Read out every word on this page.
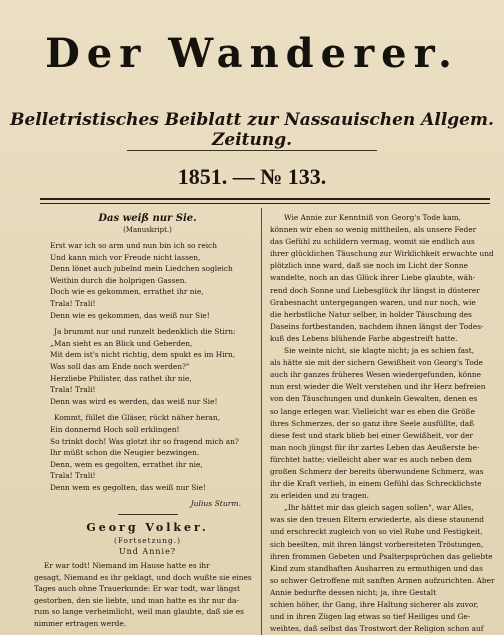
Der Wanderer.
Belletristisches Beiblatt zur Nassauischen Allgem. Zeitung.
1851. — № 133.
Das weiß nur Sie.
(Manuskript.)
Erst war ich so arm und nun bin ich so reich
Und kann mich vor Freude nicht lassen,
Denn lönet auch jubelnd mein Liedchen sogleich
Weithin durch die holprigen Gassen.
Doch wie es gekommen, errathet ihr nie,
Trala! Trali!
Denn wie es gekommen, das weiß nur Sie!
Ja brummt nur und runzelt bedenklich die Stirn:
„Man sieht es an Blick und Geberden,
Mit dem ist's nicht richtig, dem spukt es im Hirn,
Was soll das am Ende noch werden?"
Herzliebe Philister, das rathet ihr nie,
Trala! Trali!
Denn was wird es werden, das weiß nur Sie!
Kommt, füllet die Gläser, rückt näher heran,
Ein donnernd Hoch soll erklingen!
So trinkt doch! Was glotzt ihr so fragend mich an?
Ihr müßt schon die Neugier bezwingen.
Denn, wem es gegolten, errathet ihr nie,
Trala! Trali!
Denn wem es gegolten, das weiß nur Sie!
Julius Sturm.
Georg Volker.
(Fortsetzung.)
Und Annie?
Er war todt! Niemand im Hause hatte es ihr
gesagt, Niemand es ihr geklagt, und doch wußte sie eines
Tages auch ohne Trauerkunde: Er war todt, war längst
gestorben, den sie liebte, und man hatte es ihr nur da-
rum so lange verheimlicht, weil man glaubte, daß sie es
nimmer ertragen werde.
Wie Annie zur Kenntniß von Georg's Tode kam,
können wir eben so wenig mittheilen, als unsere Feder
das Gefühl zu schildern vermag, womit sie endlich aus
ihrer glücklichen Täuschung zur Wirklichkeit erwachte und
plötzlich inne ward, daß sie noch im Licht der Sonne
wandelte, noch an das Glück ihrer Liebe glaubte, wäh-
rend doch Sonne und Liebesglück ihr längst in düsterer
Grabesnacht untergegangen waren, und nur noch, wie
die herbstliche Natur selber, in holder Täuschung des
Daseins fortbestanden, nachdem ihnen längst der Todes-
kuß des Lebens blühende Farbe abgestreift hatte.
Sie weinte nicht, sie klagte nicht; ja es schien fast,
als hätte sie mit der sichern Gewißheit von Georg's Tode
auch ihr ganzes früheres Wesen wiedergefunden, könne
nun erst wieder die Welt verstehen und ihr Herz befreien
von den Täuschungen und dunkeln Gewalten, denen es
so lange erlegen war. Vielleicht war es eben die Größe
ihres Schmerzes, der so ganz ihre Seele ausfüllte, daß
diese fest und stark blieb bei einer Gewißheit, vor der
man noch jüngst für ihr zartes Leben das Aeußerste be-
fürchtet hatte; vielleicht aber war es auch neben dem
großen Schmerz der bereits überwundene Schmerz, was
ihr die Kraft verlieh, in einem Gefühl das Schrecklichste
zu erleiden und zu tragen.
„Ihr hättet mir das gleich sagen sollen", war Alles,
was sie den treuen Eltern erwiederte, als diese staunend
und erschreckt zugleich von so viel Ruhe und Festigkeit,
sich beeilten, mit ihren längst vorbereiteten Tröstungen,
ihren frommen Gebeten und Psalterpsprüchen das geliebte
Kind zum standhaften Ausharren zu ermuthigen und das
so schwer Getroffene mit sanften Armen aufzurichten. Aber
Annie bedurfte dessen nicht; ja, ihre Gestalt
schien höher, ihr Gang, ihre Haltung sicherer als zuvor,
und in ihren Zügen lag etwas so tief Heiliges und Ge-
weihtes, daß selbst das Trostwort der Religion schon auf
